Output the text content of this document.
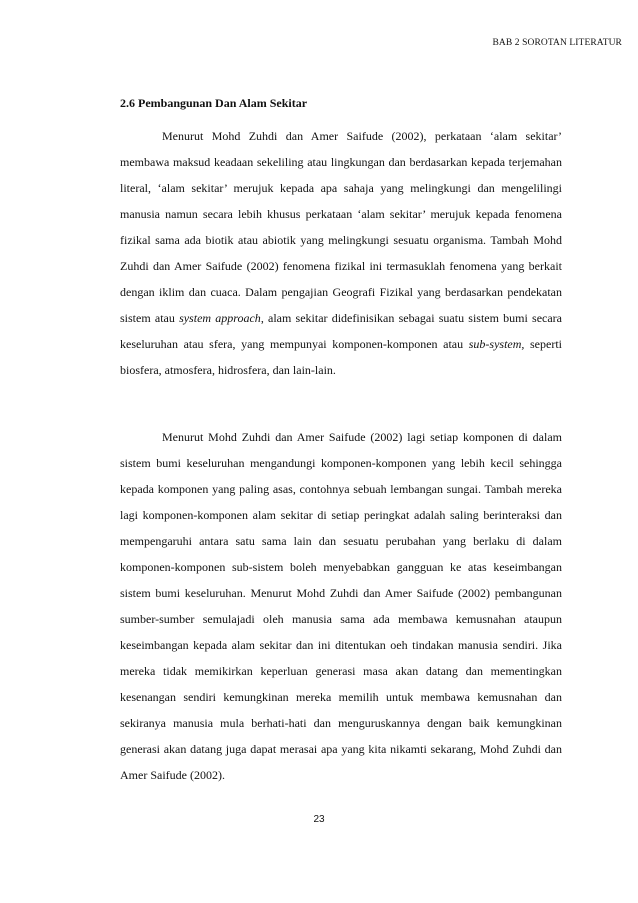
BAB 2 SOROTAN LITERATUR
2.6 Pembangunan Dan Alam Sekitar

Menurut Mohd Zuhdi dan Amer Saifude (2002), perkataan ‘alam sekitar’ membawa maksud keadaan sekeliling atau lingkungan dan berdasarkan kepada terjemahan literal, ‘alam sekitar’ merujuk kepada apa sahaja yang melingkungi dan mengelilingi manusia namun secara lebih khusus perkataan ‘alam sekitar’ merujuk kepada fenomena fizikal sama ada biotik atau abiotik yang melingkungi sesuatu organisma. Tambah Mohd Zuhdi dan Amer Saifude (2002) fenomena fizikal ini termasuklah fenomena yang berkait dengan iklim dan cuaca. Dalam pengajian Geografi Fizikal yang berdasarkan pendekatan sistem atau system approach, alam sekitar didefinisikan sebagai suatu sistem bumi secara keseluruhan atau sfera, yang mempunyai komponen-komponen atau sub-system, seperti biosfera, atmosfera, hidrosfera, dan lain-lain.

Menurut Mohd Zuhdi dan Amer Saifude (2002) lagi setiap komponen di dalam sistem bumi keseluruhan mengandungi komponen-komponen yang lebih kecil sehingga kepada komponen yang paling asas, contohnya sebuah lembangan sungai. Tambah mereka lagi komponen-komponen alam sekitar di setiap peringkat adalah saling berinteraksi dan mempengaruhi antara satu sama lain dan sesuatu perubahan yang berlaku di dalam komponen-komponen sub-sistem boleh menyebabkan gangguan ke atas keseimbangan sistem bumi keseluruhan. Menurut Mohd Zuhdi dan Amer Saifude (2002) pembangunan sumber-sumber semulajadi oleh manusia sama ada membawa kemusnahan ataupun keseimbangan kepada alam sekitar dan ini ditentukan oeh tindakan manusia sendiri. Jika mereka tidak memikirkan keperluan generasi masa akan datang dan mementingkan kesenangan sendiri kemungkinan mereka memilih untuk membawa kemusnahan dan sekiranya manusia mula berhati-hati dan menguruskannya dengan baik kemungkinan generasi akan datang juga dapat merasai apa yang kita nikamti sekarang, Mohd Zuhdi dan Amer Saifude (2002).

23
